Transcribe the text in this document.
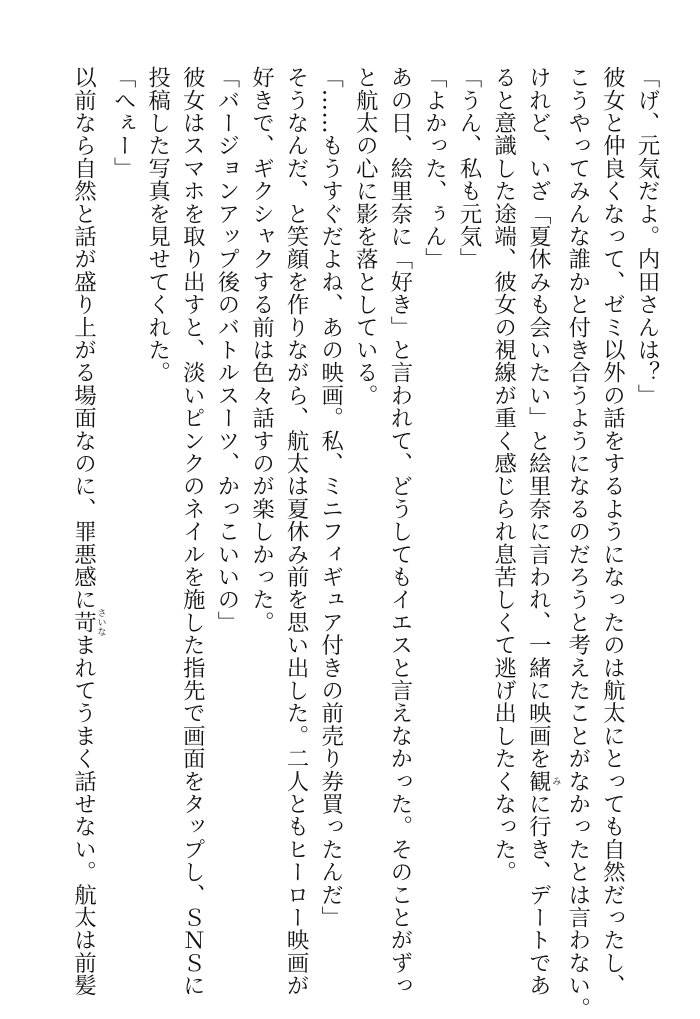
「げ、元気だよ。内田さんは？」
彼女と仲良くなって、ゼミ以外の話をするようになったのは航太にとっても自然だったし、
こうやってみんな誰かと付き合うようになるのだろうと考えたことがなかったとは言わない。
けれど、いざ「夏休みも会いたい」と絵里奈に言われ、一緒に映画を観 みに行き、デートであ
ると意識した途端、彼女の視線が重く感じられ息苦しくて逃げ出したくなった。
「うん、私も元気」
「よかった、ぅん」
あの日、絵里奈に「好き」と言われて、どうしてもイエスと言えなかった。そのことがずっ
と航太の心に影を落としている。
「……もうすぐだよね、あの映画。私、ミニフィギュア付きの前売り券買ったんだ」
そうなんだ、と笑顔を作りながら、航太は夏休み前を思い出した。二人ともヒーロー映画が
好きで、ギクシャクする前は色々話すのが楽しかった。
「バージョンアップ後のバトルスーツ、かっこいいの」
彼女はスマホを取り出すと、淡いピンクのネイルを施した指先で画面をタップし、ＳＮＳに
投稿した写真を見せてくれた。
「へぇー」
以前なら自然と話が盛り上がる場面なのに、罪悪感に苛 さいなまれてうまく話せない。航太は前髪
